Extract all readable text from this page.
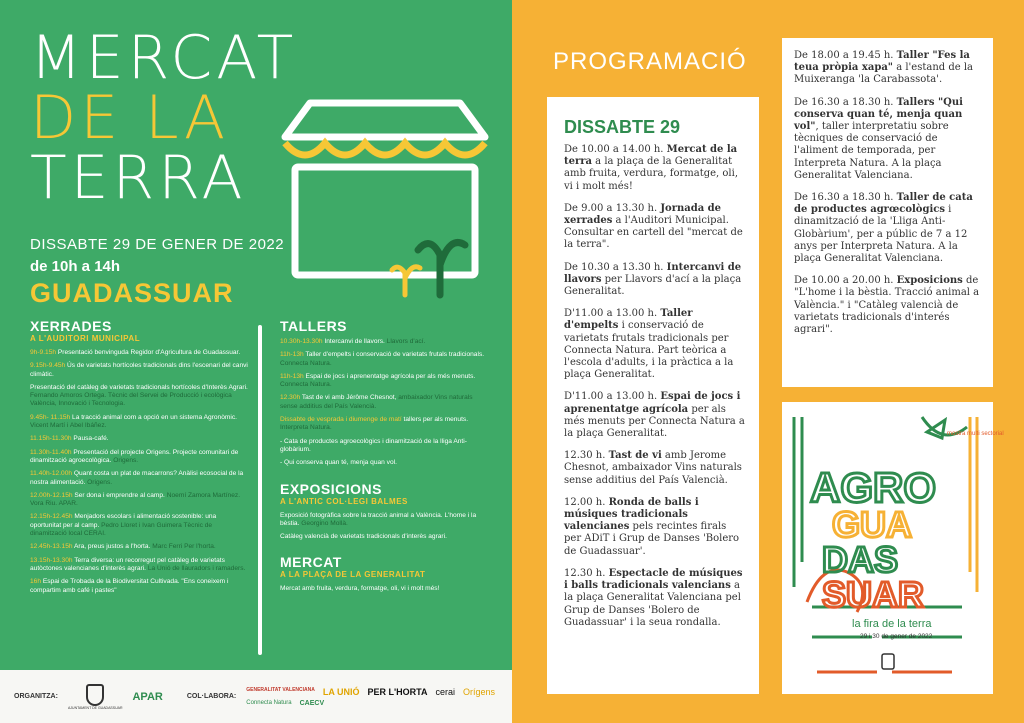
MERCAT
DE LA
TERRA
DISSABTE 29 DE GENER DE 2022
de 10h a 14h
GUADASSUAR
XERRADES
A L'AUDITORI MUNICIPAL
9h-9.15h Presentació benvinguda Regidor d'Agricultura de Guadassuar.
9.15h-9.45h Ús de varietats hortícoles tradicionals dins l'escenari del canvi climàtic.
Presentació del catàleg de varietats tradicionals hortícoles d'Interès Agrari. Fernando Amoros Ortega. Tècnic del Servei de Producció i ecològica València, Innovació i Tecnologia.
9.45h- 11.15h La tracció animal com a opció en un sistema Agronòmic. Vicent Martí i Abel Ibáñez.
11.15h-11.30h Pausa-café.
11.30h-11.40h Presentació del projecte Origens. Projecte comunitari de dinamització agroecològica. Origens.
11.40h-12.00h Quant costa un plat de macarrons? Anàlisi ecosocial de la nostra alimentació. Origens.
12.00h-12.15h Ser dona i emprendre al camp. Noemí Zamora Martínez. Vora Riu. APAR.
12.15h-12.45h Menjadors escolars i alimentació sostenible: una oportunitat per al camp. Pedro Lloret i Ivan Guimera Tècnic de dinamització local CERAI.
12.45h-13.15h Ara, preus justos a l'horta. Marc Ferri Per l'horta.
13.15h-13.30h Terra diversa: un recorregut pel catàleg de varietats autòctones valencianes d'interès agrari. La Unió de llauradors i ramaders.
16h Espai de Trobada de la Biodiversitat Cultivada. "Ens coneixem i compartim amb café i pastes"
TALLERS
10.30h-13.30h Intercanvi de llavors. Llavors d'ací.
11h-13h Taller d'empelts i conservació de varietats frutals tradicionals. Connecta Natura.
11h-13h Espai de jocs i aprenentatge agrícola per als més menuts. Connecta Natura.
12.30h Tast de vi amb Jérôme Chesnot, ambaixador Vins naturals sense additius del País Valencià.
Dissabte de vesprada i diumenge de matí tallers per als menuts. Interpreta Natura.
- Cata de productes agroecològics i dinamització de la lliga Anti-globàrium.
- Qui conserva quan té, menja quan vol.
EXPOSICIONS
A L'ANTIC COL·LEGI BALMES
Exposició fotogràfica sobre la tracció animal a València. L'home i la bèstia. Georgino Mollà.
Catàleg valencià de varietats tradicionals d'interès agrari.
MERCAT
A LA PLAÇA DE LA GENERALITAT
Mercat amb fruita, verdura, formatge, oli, vi i molt més!
ORGANITZA:
AJUNTAMENT DE GUADASSUAR
APAR	COL·LABORA:
GENERALITAT VALENCIANA LA UNIÓ PER L'HORTA cerai Orígens
Connecta Natura CAECV
PROGRAMACIÓ
DISSABTE 29
De 10.00 a 14.00 h. Mercat de la terra a la plaça de la Generalitat amb fruita, verdura, formatge, oli, vi i molt més!
De 9.00 a 13.30 h. Jornada de xerrades a l'Auditori Municipal. Consultar en cartell del "mercat de la terra".
De 10.30 a 13.30 h. Intercanvi de llavors per Llavors d'ací a la plaça Generalitat.
D'11.00 a 13.00 h. Taller d'empelts i conservació de varietats frutals tradicionals per Connecta Natura. Part teòrica a l'escola d'adults, i la pràctica a la plaça Generalitat.
D'11.00 a 13.00 h. Espai de jocs i aprenentatge agrícola per als més menuts per Connecta Natura a la plaça Generalitat.
12.30 h. Tast de vi amb Jerome Chesnot, ambaixador Vins naturals sense additius del País Valencià.
12.00 h. Ronda de balls i músiques tradicionals valencianes pels recintes firals per ADiT i Grup de Danses 'Bolero de Guadassuar'.
12.30 h. Espectacle de músiques i balls tradicionals valencians a la plaça Generalitat Valenciana pel Grup de Danses 'Bolero de Guadassuar' i la seua rondalla.
De 18.00 a 19.45 h. Taller "Fes la teua pròpia xapa" a l'estand de la Muixeranga 'la Carabassota'.
De 16.30 a 18.30 h. Tallers "Qui conserva quan té, menja quan vol", taller interpretatiu sobre tècniques de conservació de l'aliment de temporada, per Interpreta Natura. A la plaça Generalitat Valenciana.
De 16.30 a 18.30 h. Taller de cata de productes agrœcològics i dinamització de la 'Lliga Anti-Globàrium', per a públic de 7 a 12 anys per Interpreta Natura. A la plaça Generalitat Valenciana.
De 10.00 a 20.00 h. Exposicions de "L'home i la bèstia. Tracció animal a València." i "Catàleg valencià de varietats tradicionals d'interés agrari".
mostra multi sectorial
AGRO
GUA
DAS
SUAR
la fira de la terra
29 i 30 de gener de 2022
